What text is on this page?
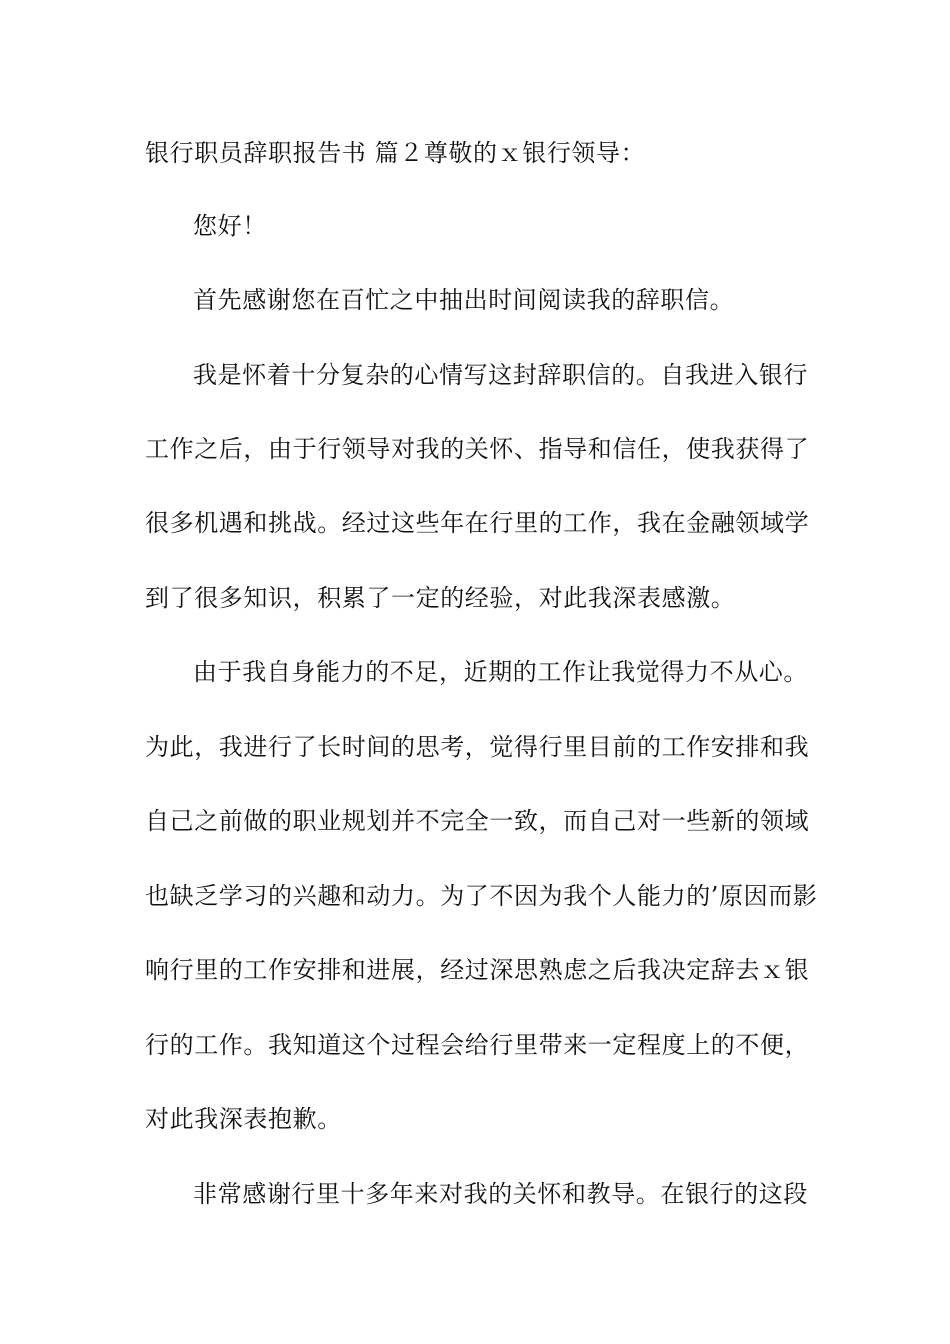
银行职员辞职报告书 篇２尊敬的ｘ银行领导：
您好！
首先感谢您在百忙之中抽出时间阅读我的辞职信。
我是怀着十分复杂的心情写这封辞职信的。自我进入银行
工作之后，由于行领导对我的关怀、指导和信任，使我获得了
很多机遇和挑战。经过这些年在行里的工作，我在金融领域学
到了很多知识，积累了一定的经验，对此我深表感激。
由于我自身能力的不足，近期的工作让我觉得力不从心。
为此，我进行了长时间的思考，觉得行里目前的工作安排和我
自己之前做的职业规划并不完全一致，而自己对一些新的领域
也缺乏学习的兴趣和动力。为了不因为我个人能力的’原因而影
响行里的工作安排和进展，经过深思熟虑之后我决定辞去ｘ银
行的工作。我知道这个过程会给行里带来一定程度上的不便，
对此我深表抱歉。
非常感谢行里十多年来对我的关怀和教导。在银行的这段
